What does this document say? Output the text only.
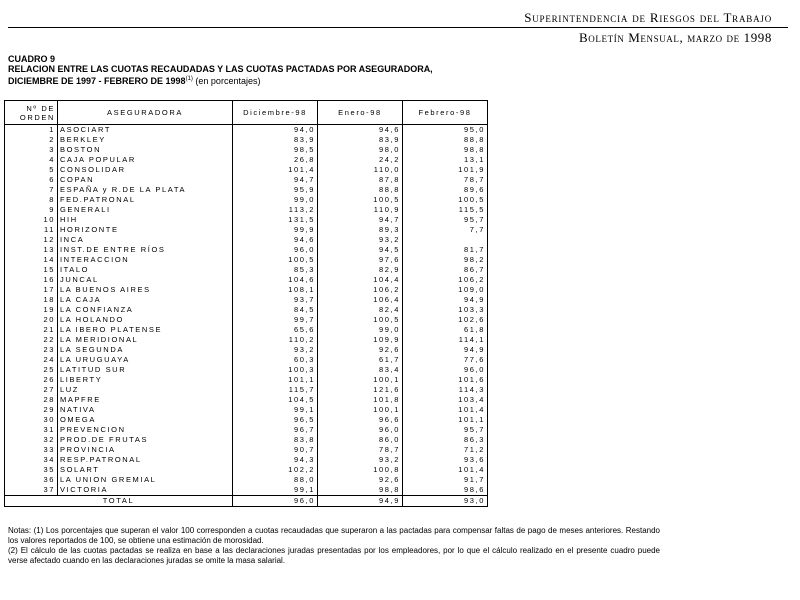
Superintendencia de Riesgos del Trabajo
Boletín Mensual, marzo de 1998
CUADRO 9
RELACION ENTRE LAS CUOTAS RECAUDADAS Y LAS CUOTAS PACTADAS POR ASEGURADORA,
DICIEMBRE DE 1997 - FEBRERO DE 1998$^{(1)}$ (en porcentajes)
Nº DE
ORDEN	ASEGURADORA	Diciembre-98	Enero-98	Febrero-98
1	ASOCIART	94,0	94,6	95,0
2	BERKLEY	83,9	83,9	88,8
3	BOSTON	98,5	98,0	98,8
4	CAJA POPULAR	26,8	24,2	13,1
5	CONSOLIDAR	101,4	110,0	101,9
6	COPAN	94,7	87,8	78,7
7	ESPAÑA y R.DE LA PLATA	95,9	88,8	89,6
8	FED.PATRONAL	99,0	100,5	100,5
9	GENERALI	113,2	110,9	115,5
10	HIH	131,5	94,7	95,7
11	HORIZONTE	99,9	89,3	7,7
12	INCA	94,6	93,2	
13	INST.DE ENTRE RÍOS	96,0	94,5	81,7
14	INTERACCION	100,5	97,6	98,2
15	ITALO	85,3	82,9	86,7
16	JUNCAL	104,6	104,4	106,2
17	LA BUENOS AIRES	108,1	106,2	109,0
18	LA CAJA	93,7	106,4	94,9
19	LA CONFIANZA	84,5	82,4	103,3
20	LA HOLANDO	99,7	100,5	102,6
21	LA IBERO PLATENSE	65,6	99,0	61,8
22	LA MERIDIONAL	110,2	109,9	114,1
23	LA SEGUNDA	93,2	92,6	94,9
24	LA URUGUAYA	60,3	61,7	77,6
25	LATITUD SUR	100,3	83,4	96,0
26	LIBERTY	101,1	100,1	101,6
27	LUZ	115,7	121,6	114,3
28	MAPFRE	104,5	101,8	103,4
29	NATIVA	99,1	100,1	101,4
30	OMEGA	96,5	96,6	101,1
31	PREVENCION	96,7	96,0	95,7
32	PROD.DE FRUTAS	83,8	86,0	86,3
33	PROVINCIA	90,7	78,7	71,2
34	RESP.PATRONAL	94,3	93,2	93,6
35	SOLART	102,2	100,8	101,4
36	LA UNION GREMIAL	88,0	92,6	91,7
37	VICTORIA	99,1	98,8	98,6
TOTAL		96,0	94,9	93,0

Notas: (1) Los porcentajes que superan el valor 100 corresponden a cuotas recaudadas que superaron a las pactadas para compensar faltas de pago de meses anteriores. Restando los valores reportados de 100, se obtiene una estimación de morosidad.

(2) El cálculo de las cuotas pactadas se realiza en base a las declaraciones juradas presentadas por los empleadores, por lo que el cálculo realizado en el presente cuadro puede verse afectado cuando en las declaraciones juradas se omite la masa salarial.
